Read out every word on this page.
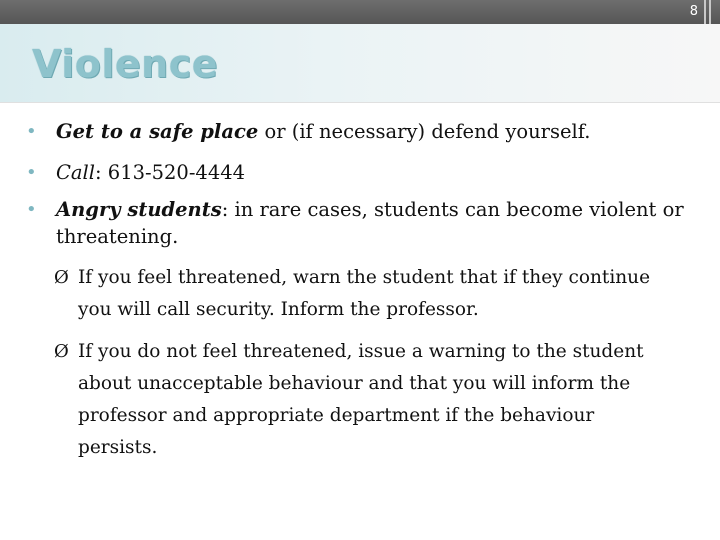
8
Violence
• Get to a safe place or (if necessary) defend yourself.
• Call: 613-520-4444
• Angry students: in rare cases, students can become violent or threatening.
Ø If you feel threatened, warn the student that if they continue you will call security. Inform the professor.
Ø If you do not feel threatened, issue a warning to the student about unacceptable behaviour and that you will inform the professor and appropriate department if the behaviour persists.
